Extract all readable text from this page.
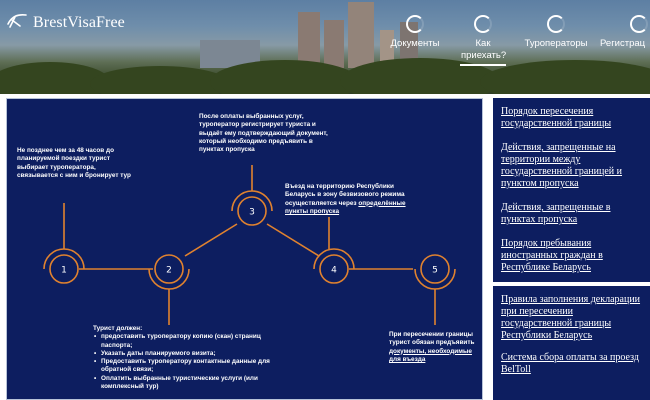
BrestVisaFree
Документы	Как приехать?
Туроператоры	Регистрац
1	2
3
4	5
Не позднее чем за 48 часов до планируемой поездки турист выбирает туроператора, связывается с ним и бронирует тур
После оплаты выбранных услуг, туроператор регистрирует туриста и выдаёт ему подтверждающий документ, который необходимо предъявить в пунктах пропуска
Въезд на территорию Республики Беларусь в зону безвизового режима осуществляется через определённые пункты пропуска
Турист должен:
• предоставить туроператору копию (скан) страниц паспорта;
• Указать даты планируемого визита;
• Предоставить туроператору контактные данные для обратной связи;
• Оплатить выбранные туристические услуги (или комплексный тур)
При пересечении границы турист обязан предъявить документы, необходимые для въезда
Порядок пересечения государственной границы
Действия, запрещенные на территории между государственной границей и пунктом пропуска
Действия, запрещенные в пунктах пропуска
Порядок пребывания иностранных граждан в Республике Беларусь
Правила заполнения декларации при пересечении государственной границы Республики Беларусь
Система сбора оплаты за проезд BelToll
